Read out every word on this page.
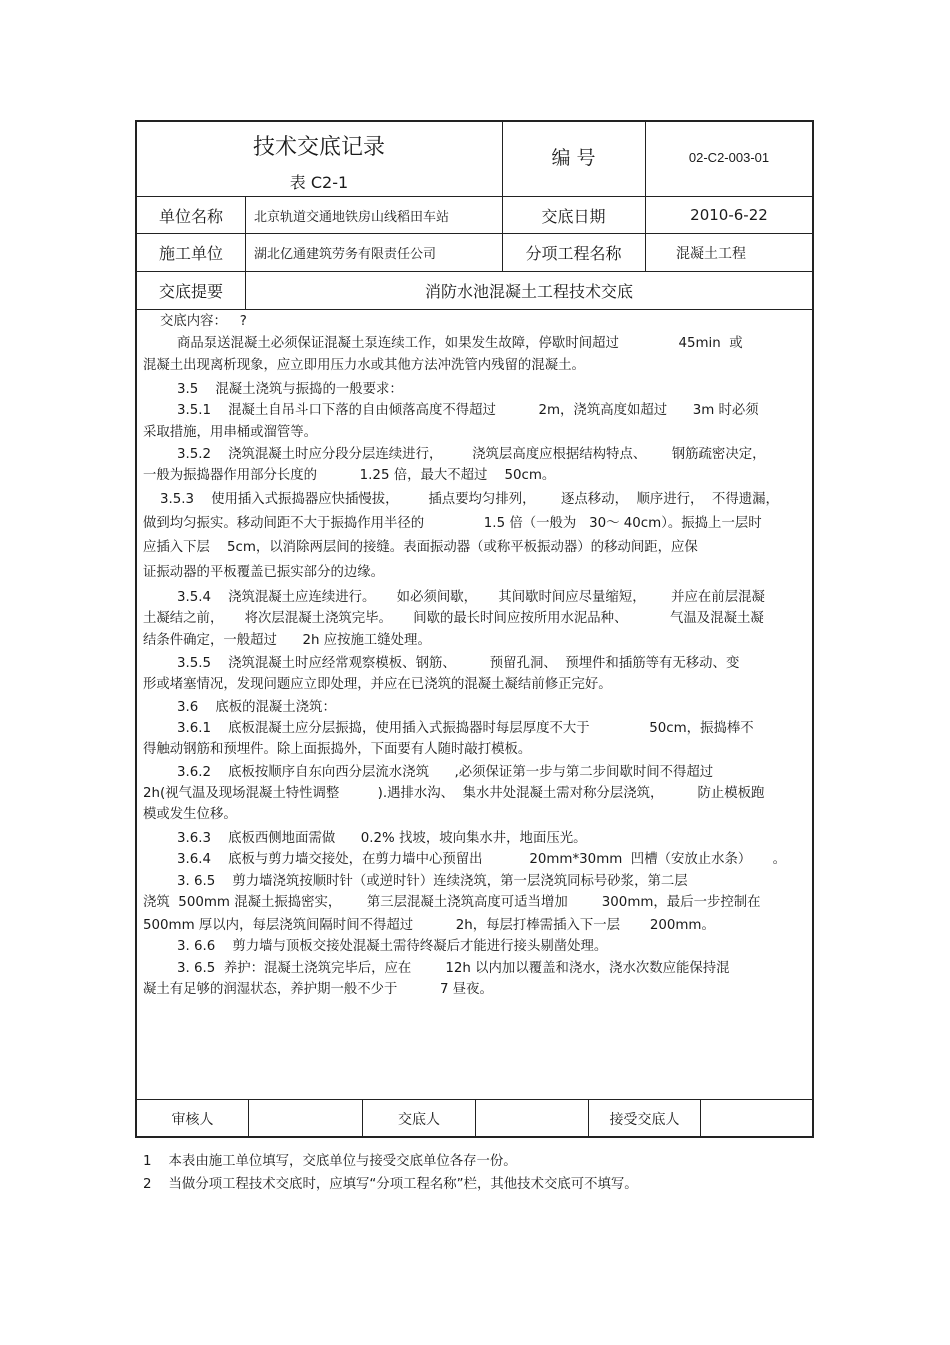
技术交底记录
表 C2-1
编 号	02-C2-003-01
单位名称	北京轨道交通地铁房山线稻田车站	交底日期	2010-6-22
施工单位	湖北亿通建筑劳务有限责任公司	分项工程名称	混凝土工程
交底提要	消防水池混凝土工程技术交底
交底内容：   ?
商品泵送混凝土必须保证混凝土泵连续工作，如果发生故障，停歇时间超过              45min  或
混凝土出现离析现象，应立即用压力水或其他方法冲洗管内残留的混凝土。
3.5    混凝土浇筑与振捣的一般要求：
3.5.1    混凝土自吊斗口下落的自由倾落高度不得超过          2m，浇筑高度如超过      3m 时必须
采取措施，用串桶或溜管等。
3.5.2    浇筑混凝土时应分段分层连续进行，       浇筑层高度应根据结构特点、      钢筋疏密决定，
一般为振捣器作用部分长度的          1.25 倍，最大不超过    50cm。
3.5.3    使用插入式振捣器应快插慢拔，       插点要均匀排列，      逐点移动，  顺序进行，  不得遗漏，
做到均匀振实。移动间距不大于振捣作用半径的              1.5 倍（一般为   30～ 40cm）。振捣上一层时
应插入下层    5cm，以消除两层间的接缝。表面振动器（或称平板振动器）的移动间距，应保
证振动器的平板覆盖已振实部分的边缘。
3.5.4    浇筑混凝土应连续进行。     如必须间歇，     其间歇时间应尽量缩短，      并应在前层混凝
土凝结之前，     将次层混凝土浇筑完毕。     间歇的最长时间应按所用水泥品种、          气温及混凝土凝
结条件确定，一般超过      2h 应按施工缝处理。
3.5.5    浇筑混凝土时应经常观察模板、钢筋、        预留孔洞、  预埋件和插筋等有无移动、变
形或堵塞情况，发现问题应立即处理，并应在已浇筑的混凝土凝结前修正完好。
3.6    底板的混凝土浇筑：
3.6.1    底板混凝土应分层振捣，使用插入式振捣器时每层厚度不大于              50cm，振捣棒不
得触动钢筋和预埋件。除上面振捣外，下面要有人随时敲打模板。
3.6.2    底板按顺序自东向西分层流水浇筑      ,必须保证第一步与第二步间歇时间不得超过
2h(视气温及现场混凝土特性调整         ).遇排水沟、  集水井处混凝土需对称分层浇筑，        防止模板跑
模或发生位移。
3.6.3    底板西侧地面需做      0.2% 找坡，坡向集水井，地面压光。
3.6.4    底板与剪力墙交接处，在剪力墙中心预留出           20mm*30mm  凹槽（安放止水条）     。
3. 6.5    剪力墙浇筑按顺时针（或逆时针）连续浇筑，第一层浇筑同标号砂浆，第二层
浇筑  500mm 混凝土振捣密实，      第三层混凝土浇筑高度可适当增加        300mm，最后一步控制在
500mm 厚以内，每层浇筑间隔时间不得超过          2h，每层打棒需插入下一层       200mm。
3. 6.6    剪力墙与顶板交接处混凝土需待终凝后才能进行接头剔凿处理。
3. 6.5  养护：混凝土浇筑完毕后，应在        12h 以内加以覆盖和浇水，浇水次数应能保持混
凝土有足够的润湿状态，养护期一般不少于          7 昼夜。
审核人	交底人	接受交底人
1    本表由施工单位填写，交底单位与接受交底单位各存一份。
2    当做分项工程技术交底时，应填写“分项工程名称”栏，其他技术交底可不填写。
